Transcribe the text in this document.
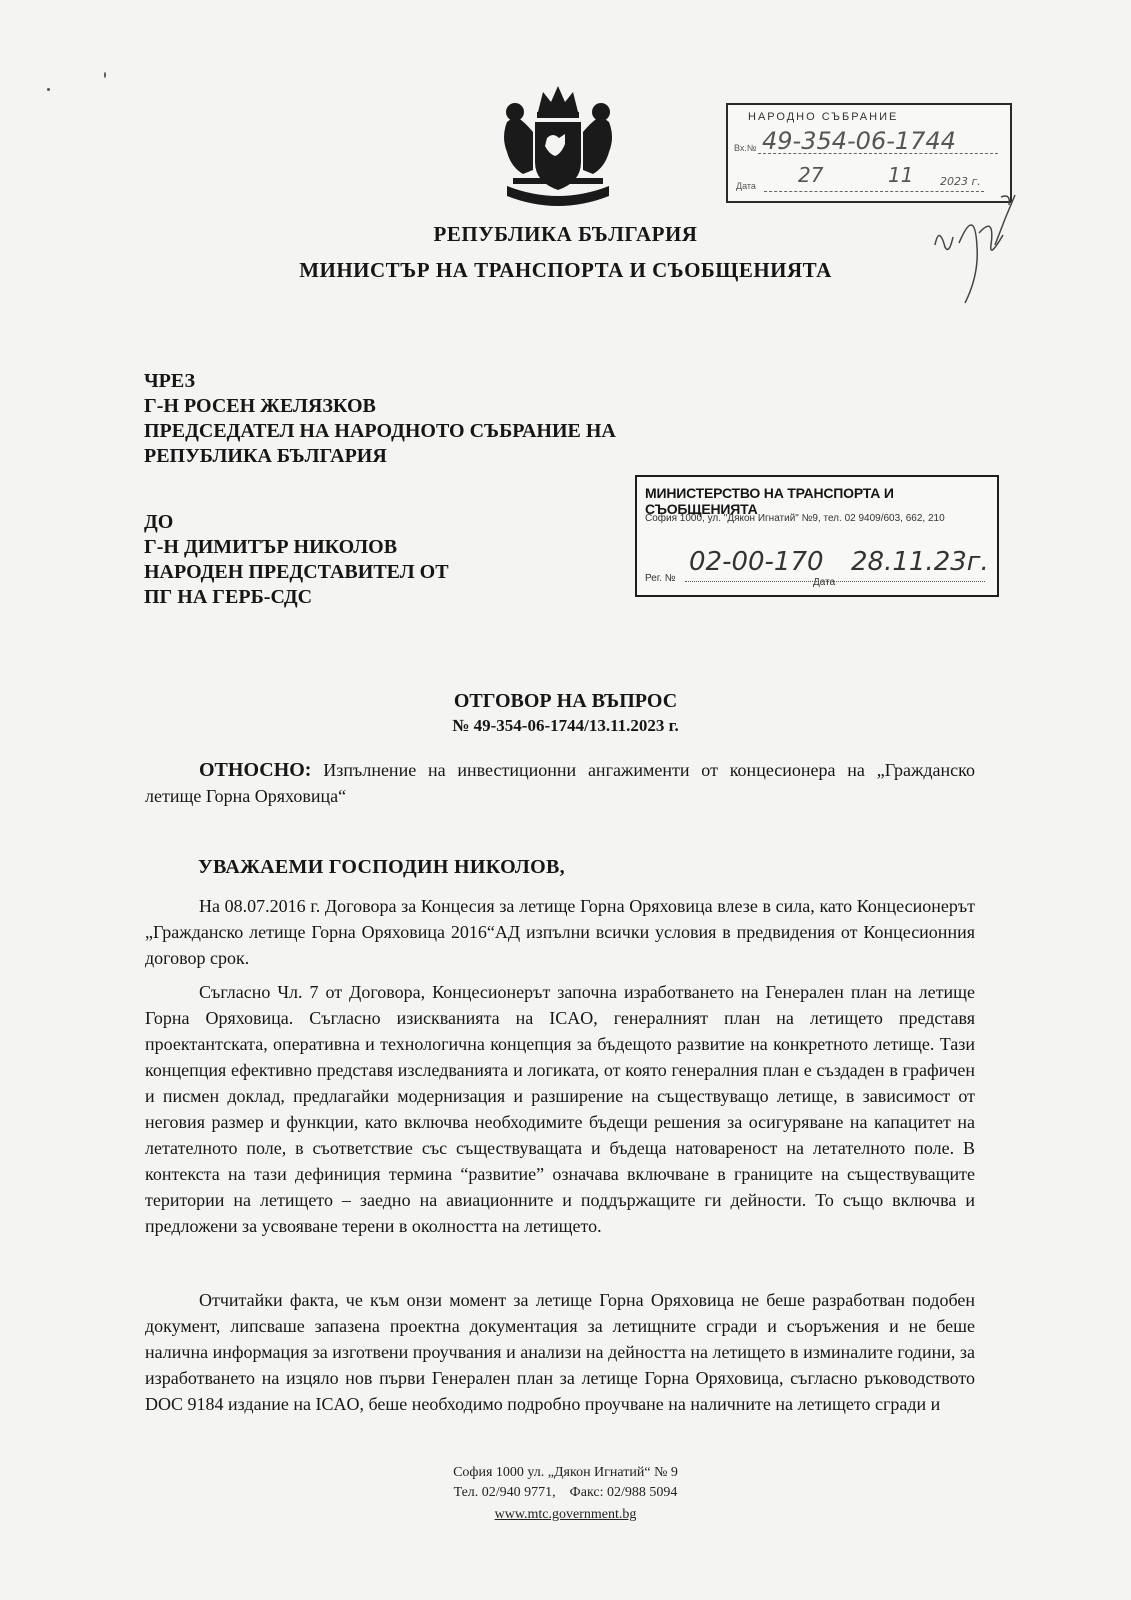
НАРОДНО СЪБРАНИЕ
Вх.№ 49-354-06-1744
Дата 27	11 2023 г.
РЕПУБЛИКА БЪЛГАРИЯ
МИНИСТЪР НА ТРАНСПОРТА И СЪОБЩЕНИЯТА
ЧРЕЗ
Г-Н РОСЕН ЖЕЛЯЗКОВ
ПРЕДСЕДАТЕЛ НА НАРОДНОТО СЪБРАНИЕ НА
РЕПУБЛИКА БЪЛГАРИЯ
ДО
Г-Н ДИМИТЪР НИКОЛОВ
НАРОДЕН ПРЕДСТАВИТЕЛ ОТ
ПГ НА ГЕРБ-СДС
МИНИСТЕРСТВО НА ТРАНСПОРТА И СЪОБЩЕНИЯТА
София 1000, ул. "Дякон Игнатий" №9, тел. 02 9409/603, 662, 210
Рег. №
02-00-170
Дата
28.11.23г.
ОТГОВОР НА ВЪПРОС
№ 49-354-06-1744/13.11.2023 г.
ОТНОСНО: Изпълнение на инвестиционни ангажименти от концесионера на „Гражданско летище Горна Оряховица“
УВАЖАЕМИ ГОСПОДИН НИКОЛОВ,

На 08.07.2016 г. Договора за Концесия за летище Горна Оряховица влезе в сила, като Концесионерът „Гражданско летище Горна Оряховица 2016“АД изпълни всички условия в предвидения от Концесионния договор срок.

Съгласно Чл. 7 от Договора, Концесионерът започна изработването на Генерален план на летище Горна Оряховица. Съгласно изискванията на ICAO, генералният план на летището представя проектантската, оперативна и технологична концепция за бъдещото развитие на конкретното летище. Тази концепция ефективно представя изследванията и логиката, от която генералния план е създаден в графичен и писмен доклад, предлагайки модернизация и разширение на съществуващо летище, в зависимост от неговия размер и функции, като включва необходимите бъдещи решения за осигуряване на капацитет на летателното поле, в съответствие със съществуващата и бъдеща натовареност на летателното поле. В контекста на тази дефиниция термина “развитие” означава включване в границите на съществуващите територии на летището – заедно на авиационните и поддържащите ги дейности. То също включва и предложени за усвояване терени в околността на летището.

Отчитайки факта, че към онзи момент за летище Горна Оряховица не беше разработван подобен документ, липсваше запазена проектна документация за летищните сгради и съоръжения и не беше налична информация за изготвени проучвания и анализи на дейността на летището в изминалите години, за изработването на изцяло нов първи Генерален план за летище Горна Оряховица, съгласно ръководството DOC 9184 издание на ICAO, беше необходимо подробно проучване на наличните на летището сгради и

София 1000 ул. „Дякон Игнатий“ № 9
Тел. 02/940 9771,    Факс: 02/988 5094
www.mtc.government.bg
